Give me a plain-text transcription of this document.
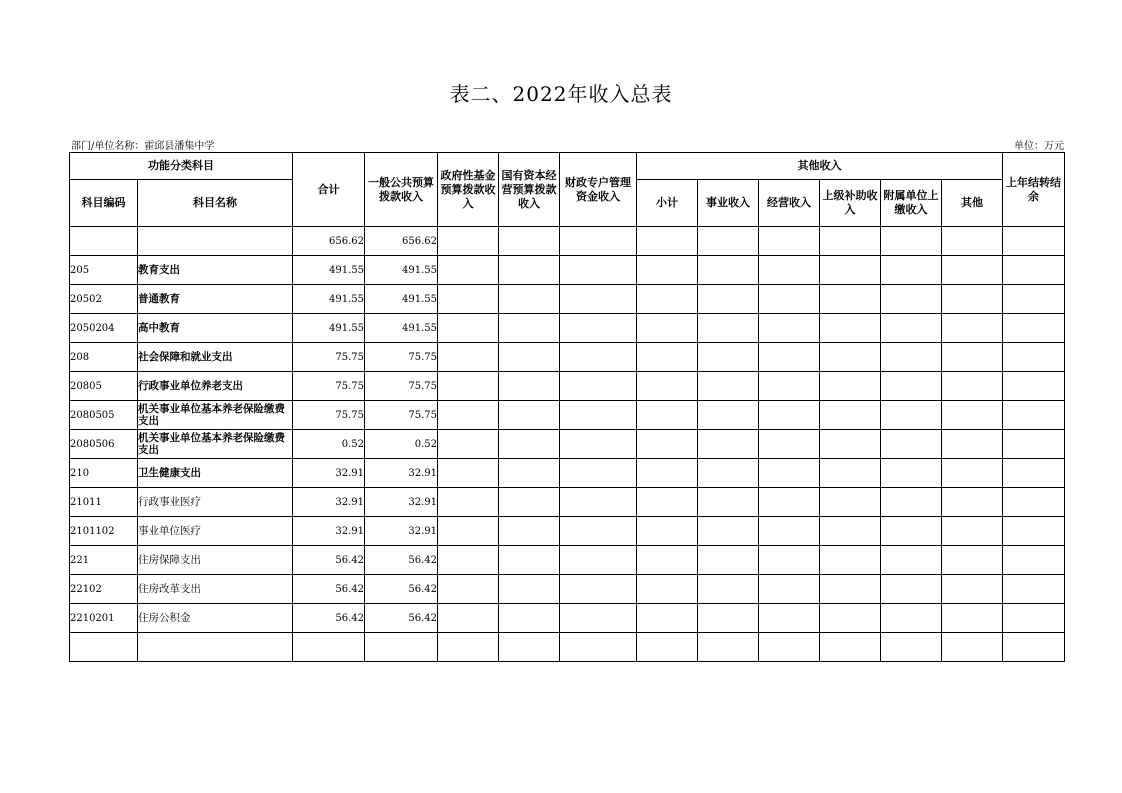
表二、2022年收入总表
部门/单位名称：霍邱县潘集中学	单位：万元
功能分类科目		合计	一般公共预算拨款收入	政府性基金预算拨款收入	国有资本经营预算拨款收入	财政专户管理资金收入	其他收入						上年结转结余
科目编码	科目名称						小计	事业收入	经营收入	上级补助收入	附属单位上缴收入	其他	
		656.62	656.62										
205	教育支出	491.55	491.55										
20502	普通教育	491.55	491.55										
2050204	高中教育	491.55	491.55										
208	社会保障和就业支出	75.75	75.75										
20805	行政事业单位养老支出	75.75	75.75										
2080505	机关事业单位基本养老保险缴费支出	75.75	75.75										
2080506	机关事业单位基本养老保险缴费支出	0.52	0.52										
210	卫生健康支出	32.91	32.91										
21011	行政事业医疗	32.91	32.91										
2101102	事业单位医疗	32.91	32.91										
221	住房保障支出	56.42	56.42										
22102	住房改革支出	56.42	56.42										
2210201	住房公积金	56.42	56.42										
